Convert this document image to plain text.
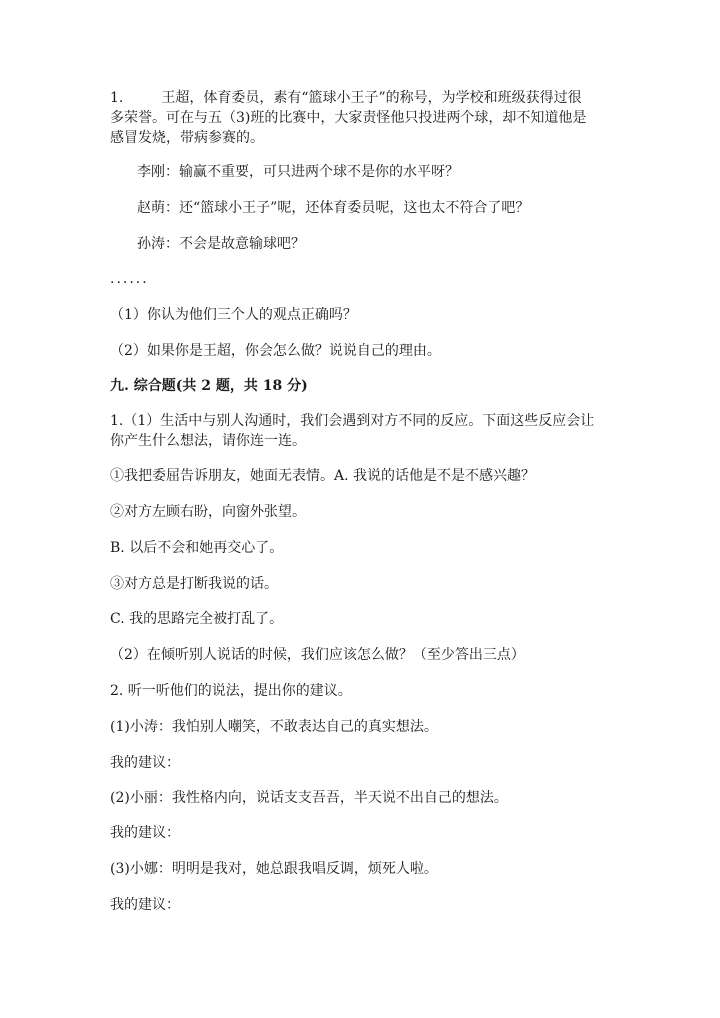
1.	王超，体育委员，素有“篮球小王子”的称号，为学校和班级获得过很
多荣誉。可在与五（3)班的比赛中，大家责怪他只投进两个球，却不知道他是
感冒发烧，带病参赛的。
李刚：输赢不重要，可只进两个球不是你的水平呀？
赵萌：还“篮球小王子”呢，还体育委员呢，这也太不符合了吧？
孙涛：不会是故意输球吧？
......
（1）你认为他们三个人的观点正确吗？
（2）如果你是王超，你会怎么做？说说自己的理由。
九. 综合题(共 2 题，共 18 分)
1.（1）生活中与别人沟通时，我们会遇到对方不同的反应。下面这些反应会让
你产生什么想法，请你连一连。
①我把委屈告诉朋友，她面无表情。A. 我说的话他是不是不感兴趣？
②对方左顾右盼，向窗外张望。
B. 以后不会和她再交心了。
③对方总是打断我说的话。
C. 我的思路完全被打乱了。
（2）在倾听别人说话的时候，我们应该怎么做？（至少答出三点）
2. 听一听他们的说法，提出你的建议。
(1)小涛：我怕别人嘲笑，不敢表达自己的真实想法。
我的建议：
(2)小丽：我性格内向，说话支支吾吾，半天说不出自己的想法。
我的建议：
(3)小娜：明明是我对，她总跟我唱反调，烦死人啦。
我的建议：
